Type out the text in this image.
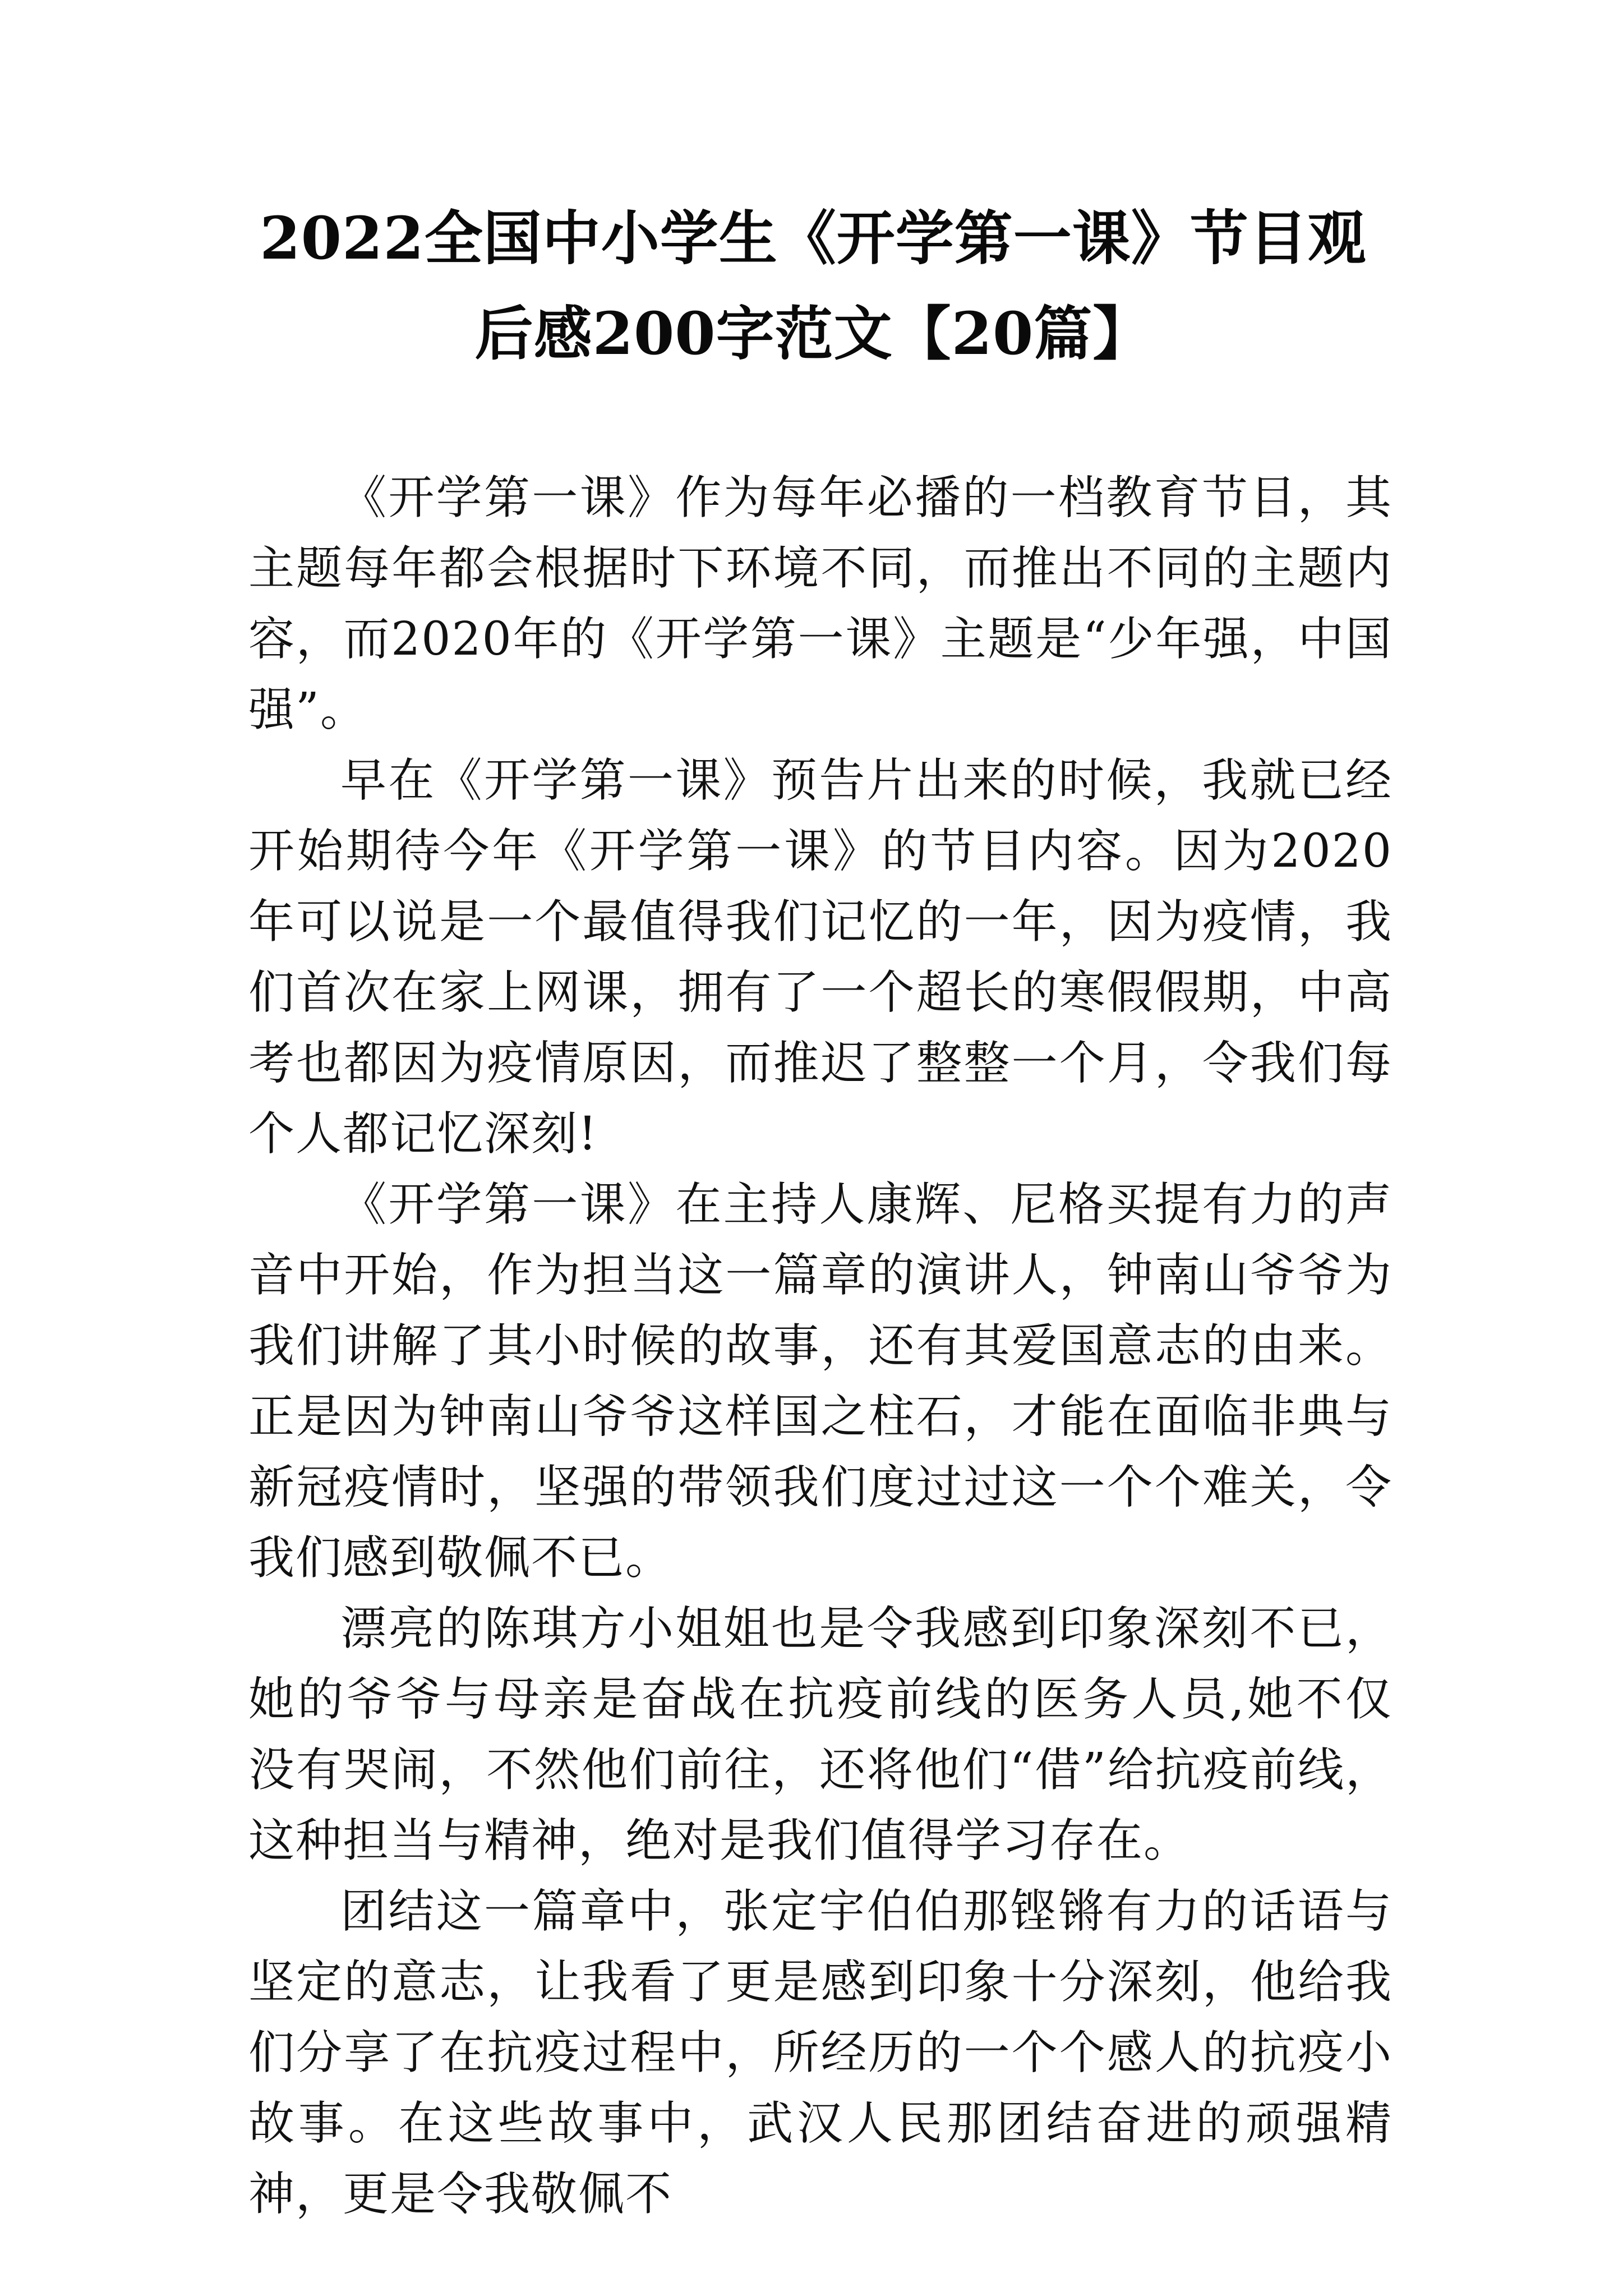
2022全国中小学生《开学第一课》节目观后感200字范文【20篇】

《开学第一课》作为每年必播的一档教育节目，其主题每年都会根据时下环境不同，而推出不同的主题内容，而2020年的《开学第一课》主题是“少年强，中国强”。

早在《开学第一课》预告片出来的时候，我就已经开始期待今年《开学第一课》的节目内容。因为2020年可以说是一个最值得我们记忆的一年，因为疫情，我们首次在家上网课，拥有了一个超长的寒假假期，中高考也都因为疫情原因，而推迟了整整一个月，令我们每个人都记忆深刻!

《开学第一课》在主持人康辉、尼格买提有力的声音中开始，作为担当这一篇章的演讲人，钟南山爷爷为我们讲解了其小时候的故事，还有其爱国意志的由来。正是因为钟南山爷爷这样国之柱石，才能在面临非典与新冠疫情时，坚强的带领我们度过过这一个个难关，令我们感到敬佩不已。

漂亮的陈琪方小姐姐也是令我感到印象深刻不已，她的爷爷与母亲是奋战在抗疫前线的医务人员,她不仅没有哭闹，不然他们前往，还将他们“借”给抗疫前线，这种担当与精神，绝对是我们值得学习存在。

团结这一篇章中，张定宇伯伯那铿锵有力的话语与坚定的意志，让我看了更是感到印象十分深刻，他给我们分享了在抗疫过程中，所经历的一个个感人的抗疫小故事。在这些故事中，武汉人民那团结奋进的顽强精神，更是令我敬佩不
